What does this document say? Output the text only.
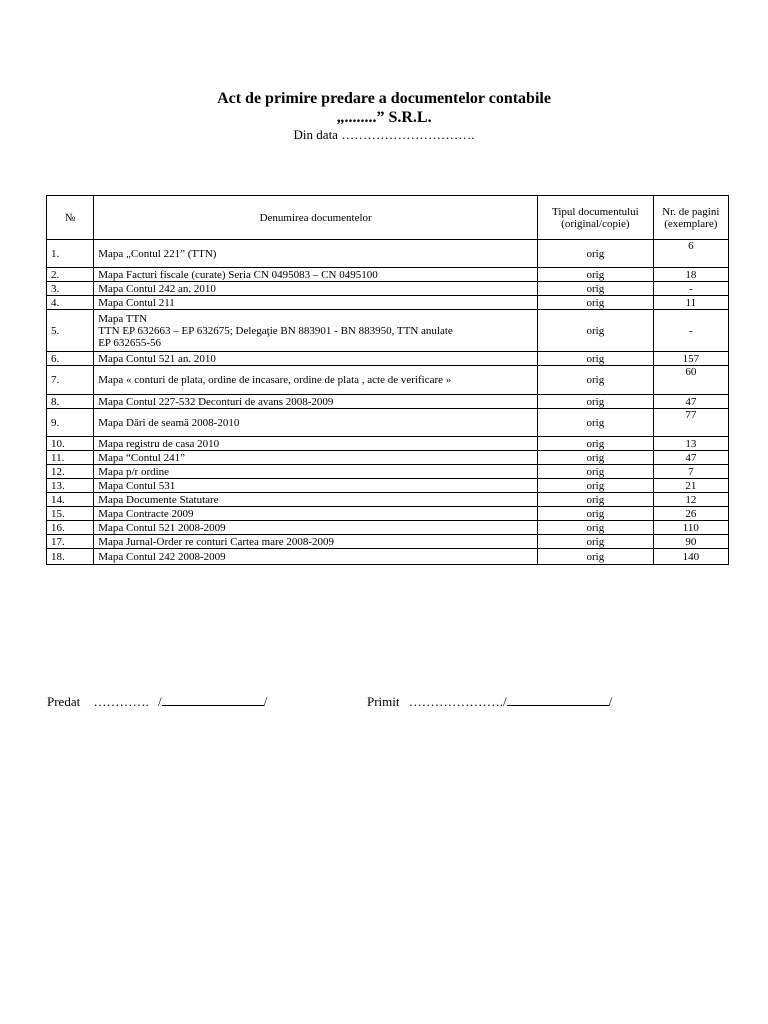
Act de primire predare a documentelor contabile
„........” S.R.L.
Din data ………………………….
№	Denumirea documentelor	Tipul documentului (original/copie)	Nr. de pagini (exemplare)
1.	Mapa „Contul 221” (TTN)	orig	6
2.	Mapa Facturi fiscale (curate) Seria CN 0495083 – CN 0495100	orig	18
3.	Mapa Contul 242 an. 2010	orig	-
4.	Mapa Contul 211	orig	11
5.	Mapa TTN
TTN EP 632663 – EP 632675; Delegaţie BN 883901 - BN 883950, TTN anulate
EP 632655-56	orig	-
6.	Mapa Contul 521 an. 2010	orig	157
7.	Mapa « conturi de plata, ordine de incasare, ordine de plata , acte de verificare »	orig	60
8.	Mapa Contul 227-532 Deconturi de avans 2008-2009	orig	47
9.	Mapa Dări de seamă 2008-2010	orig	77
10.	Mapa registru de casa 2010	orig	13
11.	Mapa “Contul 241”	orig	47
12.	Mapa p/r ordine	orig	7
13.	Mapa Contul 531	orig	21
14.	Mapa Documente Statutare	orig	12
15.	Mapa Contracte 2009	orig	26
16.	Mapa Contul 521 2008-2009	orig	110
17.	Mapa Jurnal-Order re conturi Cartea mare 2008-2009	orig	90
18.	Mapa Contul 242 2008-2009	orig	140
Predat …………. /	/	Primit …………………./	/
